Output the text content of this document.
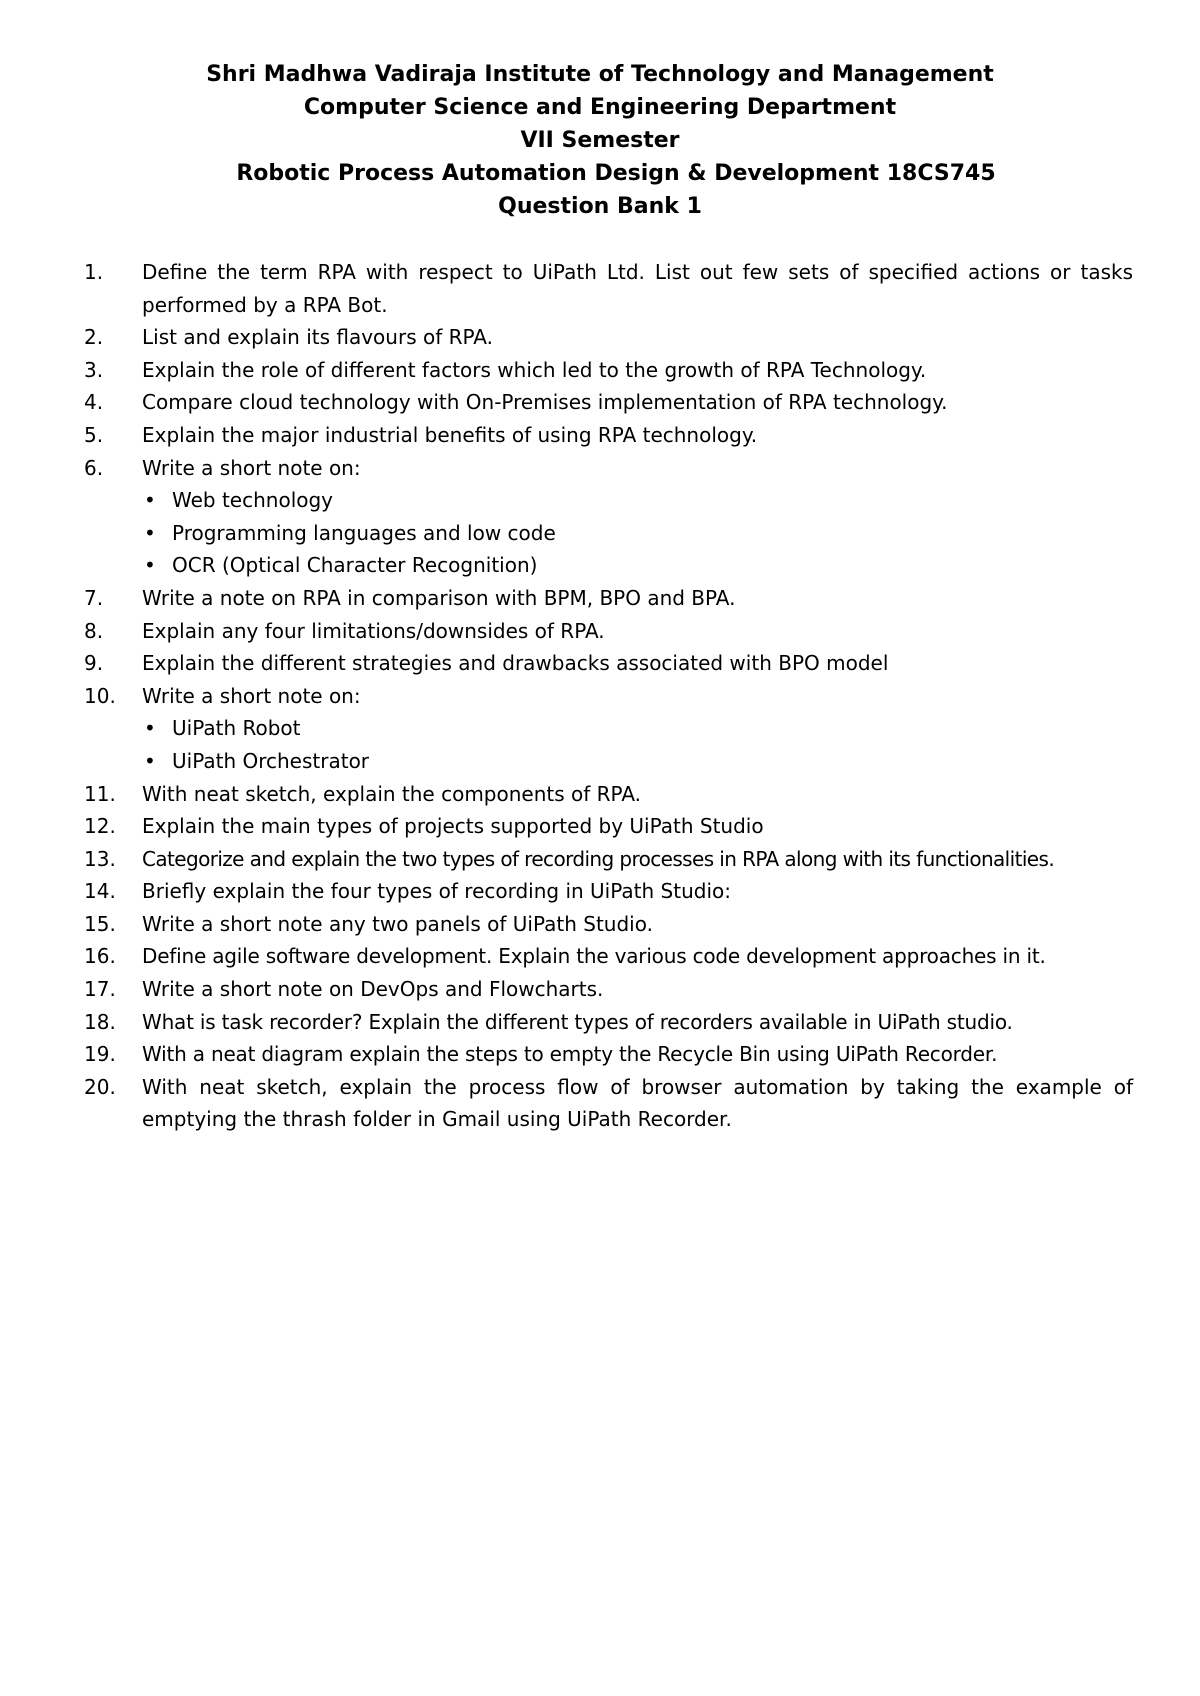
Shri Madhwa Vadiraja Institute of Technology and Management
Computer Science and Engineering Department
VII Semester
Robotic Process Automation Design & Development 18CS745
Question Bank 1
1.	Define the term RPA with respect to UiPath Ltd. List out few sets of specified actions or tasks performed by a RPA Bot.
2.	List and explain its flavours of RPA.
3.	Explain the role of different factors which led to the growth of RPA Technology.
4.	Compare cloud technology with On-Premises implementation of RPA technology.
5.	Explain the major industrial benefits of using RPA technology.
6.	Write a short note on:
• Web technology
• Programming languages and low code
• OCR (Optical Character Recognition)
7.	Write a note on RPA in comparison with BPM, BPO and BPA.
8.	Explain any four limitations/downsides of RPA.
9.	Explain the different strategies and drawbacks associated with BPO model
10.	Write a short note on:
• UiPath Robot
• UiPath Orchestrator
11.	With neat sketch, explain the components of RPA.
12.	Explain the main types of projects supported by UiPath Studio
13.	Categorize and explain the two types of recording processes in RPA along with its functionalities.
14.	Briefly explain the four types of recording in UiPath Studio:
15.	Write a short note any two panels of UiPath Studio.
16.	Define agile software development. Explain the various code development approaches in it.
17.	Write a short note on DevOps and Flowcharts.
18.	What is task recorder? Explain the different types of recorders available in UiPath studio.
19.	With a neat diagram explain the steps to empty the Recycle Bin using UiPath Recorder.
20.	With neat sketch, explain the process flow of browser automation by taking the example of emptying the thrash folder in Gmail using UiPath Recorder.
